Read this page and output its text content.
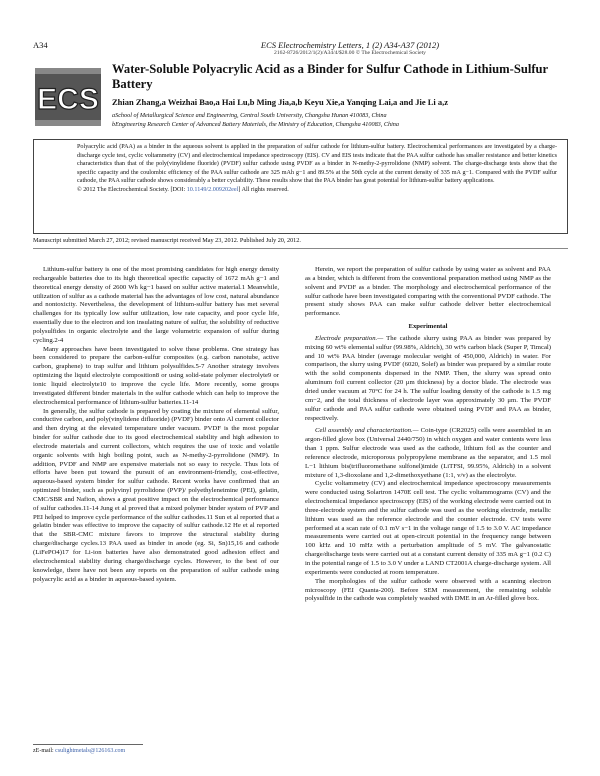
A34	ECS Electrochemistry Letters, 1 (2) A34-A37 (2012)
2162-8726/2012/1(2)/A34/4/$28.00 © The Electrochemical Society
ECS
Water-Soluble Polyacrylic Acid as a Binder for Sulfur Cathode in Lithium-Sulfur Battery
Zhian Zhang,a Weizhai Bao,a Hai Lu,b Ming Jia,a,b Keyu Xie,a Yanqing Lai,a and Jie Li a,z
aSchool of Metallurgical Science and Engineering, Central South University, Changsha Hunan 410083, China
bEngineering Research Center of Advanced Battery Materials, the Ministry of Education, Changsha 410083, China
Polyacrylic acid (PAA) as a binder in the aqueous solvent is applied in the preparation of sulfur cathode for lithium-sulfur battery. Electrochemical performances are investigated by a charge-discharge cycle test, cyclic voltammetry (CV) and electrochemical impedance spectroscopy (EIS). CV and EIS tests indicate that the PAA sulfur cathode has smaller resistance and better kinetics characteristics than that of the poly(vinylidene fluoride) (PVDF) sulfur cathode using PVDF as a binder in N-methy-2-pyrrolidone (NMP) solvent. The charge-discharge tests show that the specific capacity and the coulombic efficiency of the PAA sulfur cathode are 325 mAh g−1 and 89.5% at the 50th cycle at the current density of 335 mA g−1. Compared with the PVDF sulfur cathode, the PAA sulfur cathode shows considerably a better cyclability. These results show that the PAA binder has great potential for lithium-sulfur battery applications.
© 2012 The Electrochemical Society. [DOI: 10.1149/2.009202eel] All rights reserved.
Manuscript submitted March 27, 2012; revised manuscript received May 23, 2012. Published July 20, 2012.

Lithium-sulfur battery is one of the most promising candidates for high energy density rechargeable batteries due to its high theoretical specific capacity of 1672 mAh g−1 and theoretical energy density of 2600 Wh kg−1 based on sulfur active material.1 Meanwhile, utilization of sulfur as a cathode material has the advantages of low cost, natural abundance and nontoxicity. Nevertheless, the development of lithium-sulfur battery has met several challenges for its typically low sulfur utilization, low rate capacity, and poor cycle life, essentially due to the electron and ion insulating nature of sulfur, the solubility of reductive polysulfides in organic electrolyte and the large volumetric expansion of sulfur during cycling.2-4

Many approaches have been investigated to solve these problems. One strategy has been considered to prepare the carbon-sulfur composites (e.g. carbon nanotube, active carbon, graphene) to trap sulfur and lithium polysulfides.5-7 Another strategy involves optimizing the liquid electrolyte composition8 or using solid-state polymer electrolyte9 or ionic liquid electrolyte10 to improve the cycle life. More recently, some groups investigated different binder materials in the sulfur cathode which can help to improve the electrochemical performance of lithium-sulfur batteries.11-14

In generally, the sulfur cathode is prepared by coating the mixture of elemental sulfur, conductive carbon, and poly(vinylidene difluoride) (PVDF) binder onto Al current collector and then drying at the elevated temperature under vacuum. PVDF is the most popular binder for sulfur cathode due to its good electrochemical stability and high adhesion to electrode materials and current collectors, which requires the use of toxic and volatile organic solvents with high boiling point, such as N-methy-2-pyrrolidone (NMP). In addition, PVDF and NMP are expensive materials not so easy to recycle. Thus lots of efforts have been put toward the pursuit of an environment-friendly, cost-effective, aqueous-based system binder for sulfur cathode. Recent works have confirmed that an optimized binder, such as polyvinyl pyrrolidone (PVP)/ polyethyleneimine (PEI), gelatin, CMC/SBR and Nafion, shows a great positive impact on the electrochemical performance of sulfur cathodes.11-14 Jung et al proved that a mixed polymer binder system of PVP and PEI helped to improve cycle performance of the sulfur cathodes.11 Sun et al reported that a gelatin binder was effective to improve the capacity of sulfur cathode.12 He et al reported that the SBR-CMC mixture favors to improve the structural stability during charge/discharge cycles.13 PAA used as binder in anode (eg. Si, Sn)15,16 and cathode (LiFePO4)17 for Li-ion batteries have also demonstrated good adhesion effect and electrochemical stability during charge/discharge cycles. However, to the best of our knowledge, there have not been any reports on the preparation of sulfur cathode using polyacrylic acid as a binder in aqueous-based system.

Herein, we report the preparation of sulfur cathode by using water as solvent and PAA as a binder, which is different from the conventional preparation method using NMP as the solvent and PVDF as a binder. The morphology and electrochemical performance of the sulfur cathode have been investigated comparing with the conventional PVDF cathode. The present study shows PAA can make sulfur cathode deliver better electrochemical performance.

Experimental

Electrode preparation.— The cathode slurry using PAA as binder was prepared by mixing 60 wt% elemental sulfur (99.98%, Aldrich), 30 wt% carbon black (Super P, Timcal) and 10 wt% PAA binder (average molecular weight of 450,000, Aldrich) in water. For comparison, the slurry using PVDF (6020, Solef) as binder was prepared by a similar route with the solid components dispersed in the NMP. Then, the slurry was spread onto aluminum foil current collector (20 μm thickness) by a doctor blade. The electrode was dried under vacuum at 70°C for 24 h. The sulfur loading density of the cathode is 1.5 mg cm−2, and the total thickness of electrode layer was approximately 30 μm. The PVDF sulfur cathode and PAA sulfur cathode were obtained using PVDF and PAA as binder, respectively.

Cell assembly and characterization.— Coin-type (CR2025) cells were assembled in an argon-filled glove box (Universal 2440/750) in which oxygen and water contents were less than 1 ppm. Sulfur electrode was used as the cathode, lithium foil as the counter and reference electrode, microporous polypropylene membrane as the separator, and 1.5 mol L−1 lithium bis(trifluoromethane sulfonel)imide (LiTFSI, 99.95%, Aldrich) in a solvent mixture of 1,3-dioxolane and 1,2-dimethoxyethane (1:1, v/v) as the electrolyte.

Cyclic voltammetry (CV) and electrochemical impedance spectroscopy measurements were conducted using Solartron 1470E cell test. The cyclic voltammograms (CV) and the electrochemical impedance spectroscopy (EIS) of the working electrode were carried out in three-electrode system and the sulfur cathode was used as the working electrode, metallic lithium was used as the reference electrode and the counter electrode. CV tests were performed at a scan rate of 0.1 mV s−1 in the voltage range of 1.5 to 3.0 V. AC impedance measurements were carried out at open-circuit potential in the frequency range between 100 kHz and 10 mHz with a perturbation amplitude of 5 mV. The galvanostatic charge/discharge tests were carried out at a constant current density of 335 mA g−1 (0.2 C) in the potential range of 1.5 to 3.0 V under a LAND CT2001A charge-discharge system. All experiments were conducted at room temperature.

The morphologies of the sulfur cathode were observed with a scanning electron microscopy (FEI Quanta-200). Before SEM measurement, the remaining soluble polysulfide in the cathode was completely washed with DME in an Ar-filled glove box.

zE-mail: csulightmetals@126163.com
